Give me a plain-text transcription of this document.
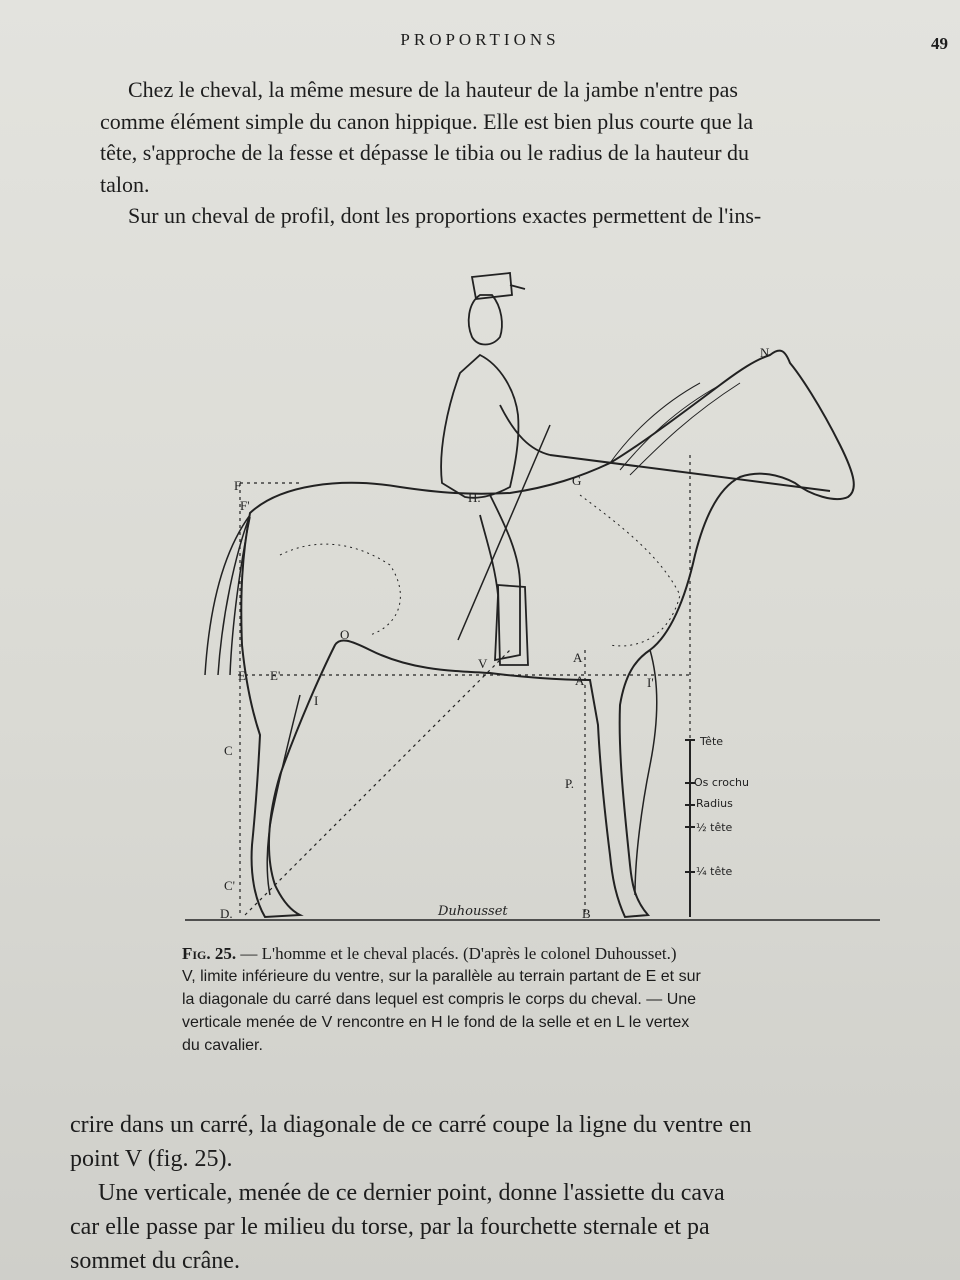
PROPORTIONS	49
Chez le cheval, la même mesure de la hauteur de la jambe n'entre pas
comme élément simple du canon hippique. Elle est bien plus courte que la
tête, s'approche de la fesse et dépasse le tibia ou le radius de la hauteur du
talon.
Sur un cheval de profil, dont les proportions exactes permettent de l'ins-
F
F'
H.
G
N
O
E E'
V	A
A
I
I'
C
P.
C'
D.	B
Tête
Os crochu
Radius
½ tête
¼ tête
Duhousset
Fig. 25. — L'homme et le cheval placés. (D'après le colonel Duhousset.)
V, limite inférieure du ventre, sur la parallèle au terrain partant de E et sur
la diagonale du carré dans lequel est compris le corps du cheval. — Une
verticale menée de V rencontre en H le fond de la selle et en L le vertex
du cavalier.
crire dans un carré, la diagonale de ce carré coupe la ligne du ventre en
point V (fig. 25).
Une verticale, menée de ce dernier point, donne l'assiette du cava
car elle passe par le milieu du torse, par la fourchette sternale et pa
sommet du crâne.
